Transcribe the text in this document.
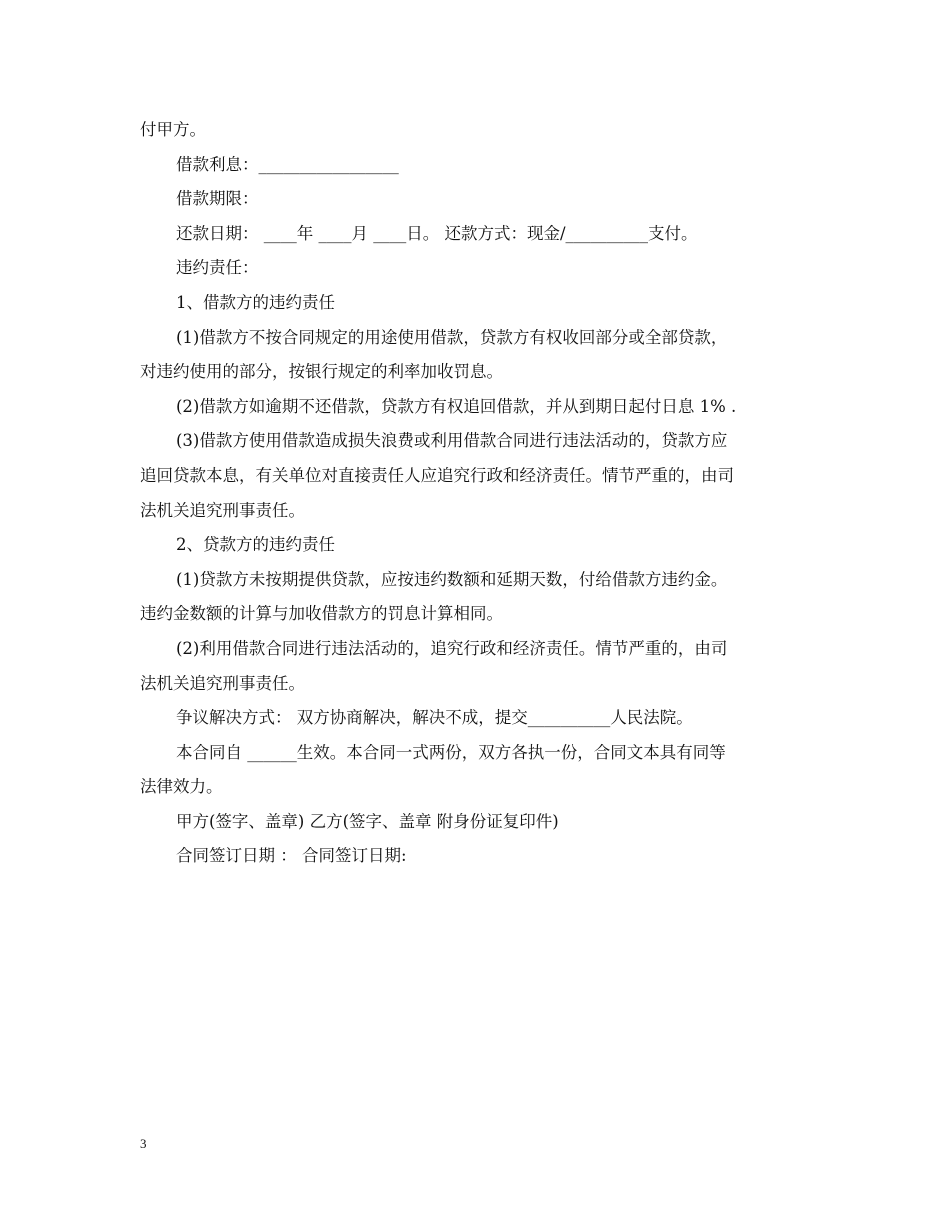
付甲方。
借款利息：_________________
借款期限：
还款日期： ____年 ____月 ____日。 还款方式：现金/__________支付。
违约责任：
1、借款方的违约责任
(1)借款方不按合同规定的用途使用借款，贷款方有权收回部分或全部贷款，
对违约使用的部分，按银行规定的利率加收罚息。
(2)借款方如逾期不还借款，贷款方有权追回借款，并从到期日起付日息 1% .
(3)借款方使用借款造成损失浪费或利用借款合同进行违法活动的，贷款方应
追回贷款本息，有关单位对直接责任人应追究行政和经济责任。情节严重的，由司
法机关追究刑事责任。
2、贷款方的违约责任
(1)贷款方未按期提供贷款，应按违约数额和延期天数，付给借款方违约金。
违约金数额的计算与加收借款方的罚息计算相同。
(2)利用借款合同进行违法活动的，追究行政和经济责任。情节严重的，由司
法机关追究刑事责任。
争议解决方式： 双方协商解决，解决不成，提交__________人民法院。
本合同自 ______生效。本合同一式两份，双方各执一份，合同文本具有同等
法律效力。
甲方(签字、盖章) 乙方(签字、盖章 附身份证复印件)
合同签订日期 ： 合同签订日期:
3
